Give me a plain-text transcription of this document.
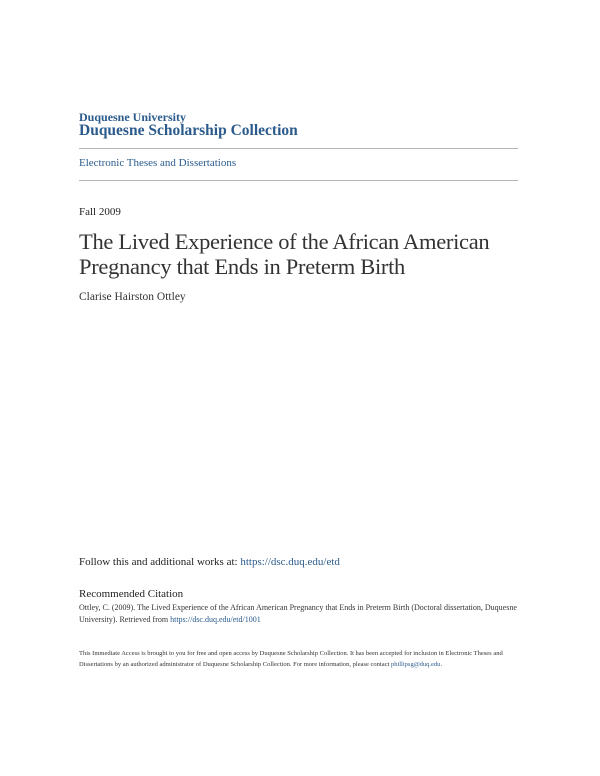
Duquesne University
Duquesne Scholarship Collection
Electronic Theses and Dissertations
Fall 2009
The Lived Experience of the African American Pregnancy that Ends in Preterm Birth
Clarise Hairston Ottley
Follow this and additional works at: https://dsc.duq.edu/etd
Recommended Citation
Ottley, C. (2009). The Lived Experience of the African American Pregnancy that Ends in Preterm Birth (Doctoral dissertation, Duquesne University). Retrieved from https://dsc.duq.edu/etd/1001
This Immediate Access is brought to you for free and open access by Duquesne Scholarship Collection. It has been accepted for inclusion in Electronic Theses and Dissertations by an authorized administrator of Duquesne Scholarship Collection. For more information, please contact phillipsg@duq.edu.
